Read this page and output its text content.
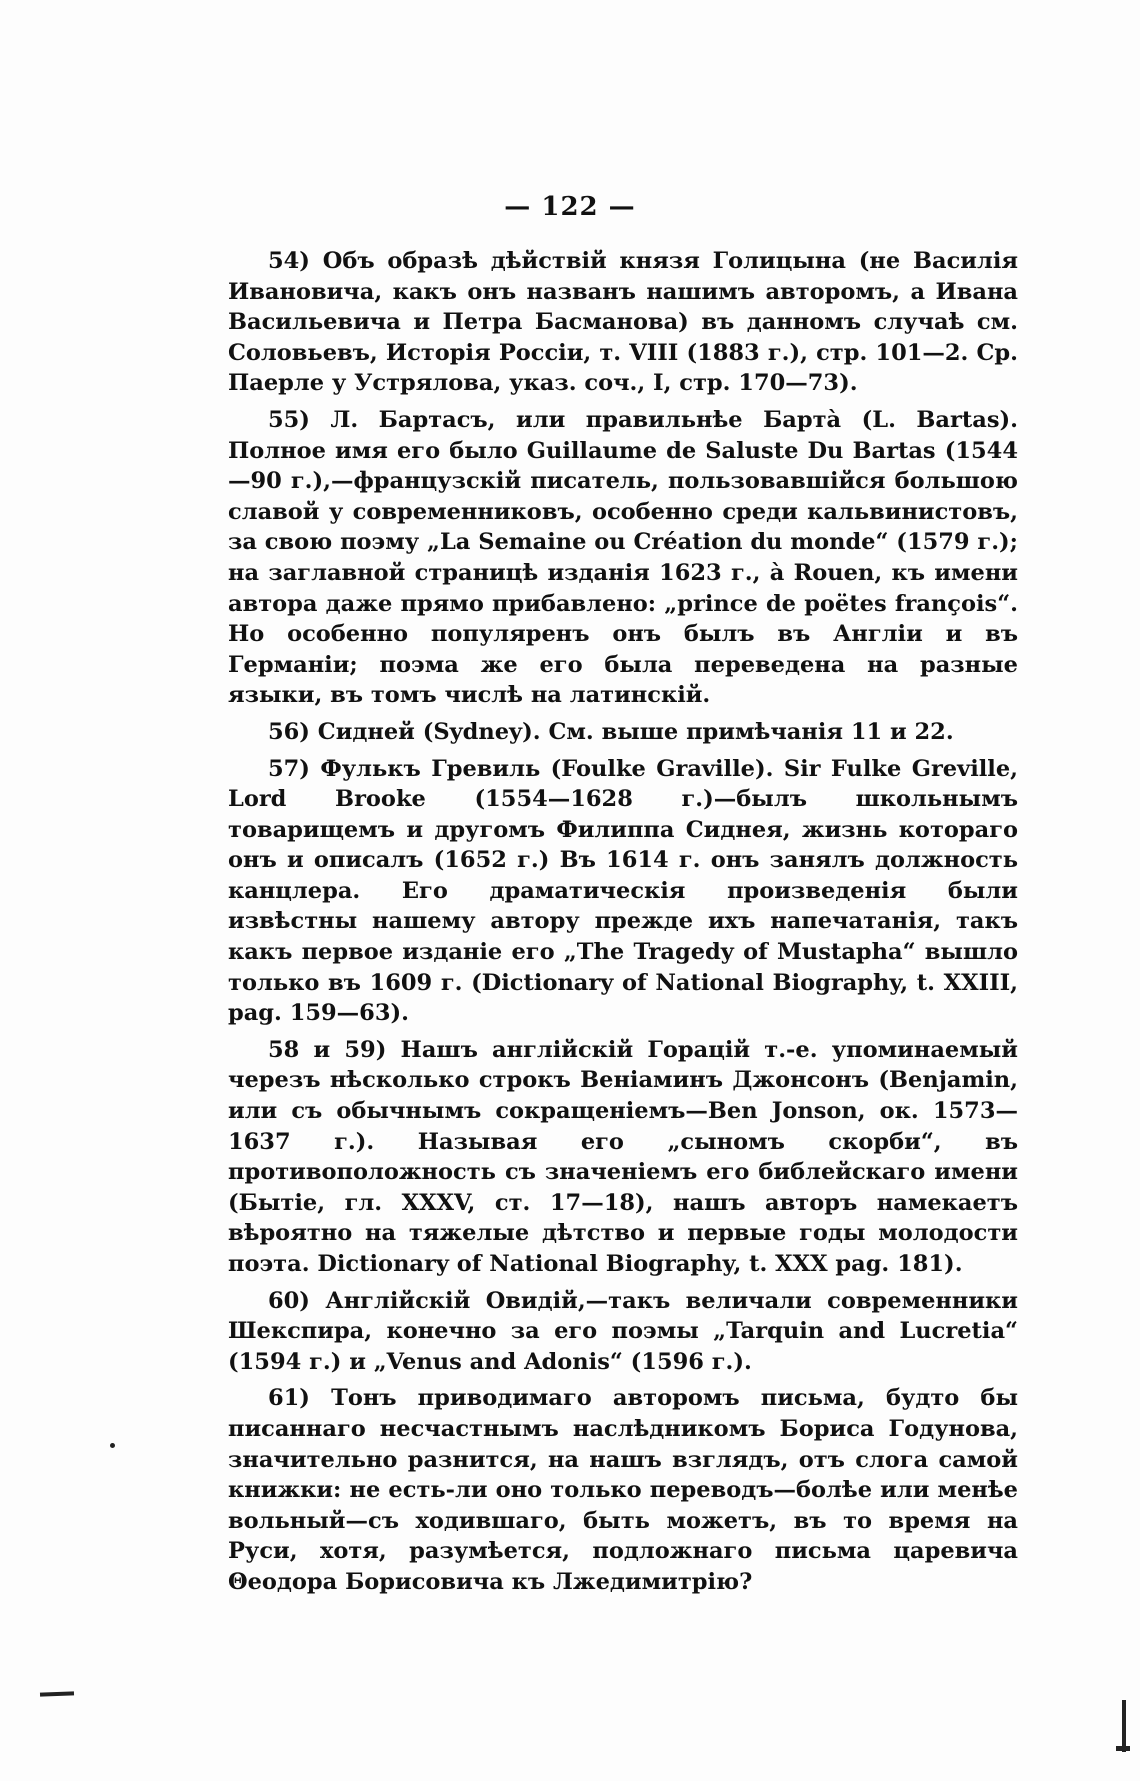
— 122 —

54) Объ образѣ дѣйствій князя Голицына (не Василія Ивановича, какъ онъ названъ нашимъ авторомъ, а Ивана Васильевича и Петра Басманова) въ данномъ случаѣ см. Соловьевъ, Исторія Россіи, т. VIII (1883 г.), стр. 101—2. Ср. Паерле у Устрялова, указ. соч., I, стр. 170—73).

55) Л. Бартасъ, или правильнѣе Бартà (L. Bartas). Полное имя его было Guillaume de Saluste Du Bartas (1544—90 г.),—французскій писатель, пользовавшійся большою славой у современниковъ, особенно среди кальвинистовъ, за свою поэму „La Semaine ou Création du monde“ (1579 г.); на заглавной страницѣ изданія 1623 г., à Rouen, къ имени автора даже прямо прибавлено: „prince de poëtes françois“. Но особенно популяренъ онъ былъ въ Англіи и въ Германіи; поэма же его была переведена на разные языки, въ томъ числѣ на латинскій.

56) Сидней (Sydney). См. выше примѣчанія 11 и 22.

57) Фулькъ Гревиль (Foulke Graville). Sir Fulke Greville, Lord Brooke (1554—1628 г.)—былъ школьнымъ товарищемъ и другомъ Филиппа Сиднея, жизнь котораго онъ и описалъ (1652 г.) Въ 1614 г. онъ занялъ должность канцлера. Его драматическія произведенія были извѣстны нашему автору прежде ихъ напечатанія, такъ какъ первое изданіе его „The Tragedy of Mustapha“ вышло только въ 1609 г. (Dictionary of National Biography, t. XXIII, pag. 159—63).

58 и 59) Нашъ англійскій Горацій т.-е. упоминаемый черезъ нѣсколько строкъ Веніаминъ Джонсонъ (Benjamin, или съ обычнымъ сокращеніемъ—Ben Jonson, ок. 1573—1637 г.). Называя его „сыномъ скорби“, въ противоположность съ значеніемъ его библейскаго имени (Бытіе, гл. XXXV, ст. 17—18), нашъ авторъ намекаетъ вѣроятно на тяжелые дѣтство и первые годы молодости поэта. Dictionary of National Biography, t. XXX pag. 181).

60) Англійскій Овидій,—такъ величали современники Шекспира, конечно за его поэмы „Tarquin and Lucretia“ (1594 г.) и „Venus and Adonis“ (1596 г.).

61) Тонъ приводимаго авторомъ письма, будто бы писаннаго несчастнымъ наслѣдникомъ Бориса Годунова, значительно разнится, на нашъ взглядъ, отъ слога самой книжки: не есть-ли оно только переводъ—болѣе или менѣе вольный—съ ходившаго, быть можетъ, въ то время на Руси, хотя, разумѣется, подложнаго письма царевича Θеодора Борисовича къ Лжедимитрію?
